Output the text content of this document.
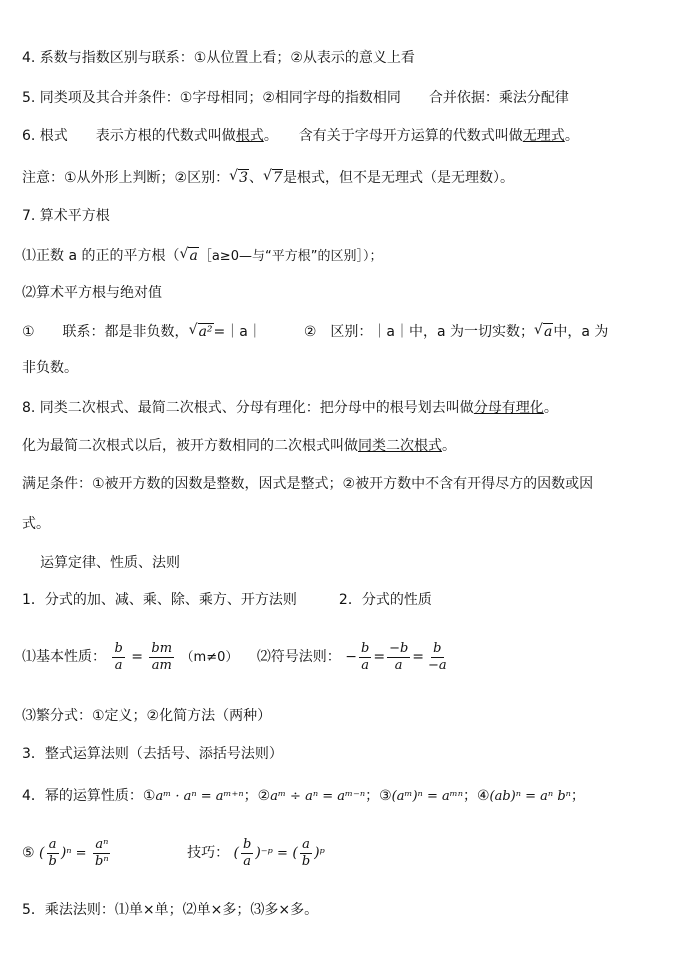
4. 系数与指数区别与联系：①从位置上看；②从表示的意义上看
5. 同类项及其合并条件：①字母相同；②相同字母的指数相同　　合并依据：乘法分配律
6. 根式　　表示方根的代数式叫做根式。　　含有关于字母开方运算的代数式叫做无理式。
注意：①从外形上判断；②区别： √ 3、 √ 7是根式，但不是无理式（是无理数）。
7. 算术平方根
⑴正数 a 的正的平方根（ √ a［a≥0—与“平方根”的区别］）；
⑵算术平方根与绝对值
①　　联系：都是非负数， √ a²=｜a｜　　　②　区别：｜a｜中，a 为一切实数； √ a中，a 为
非负数。
8. 同类二次根式、最简二次根式、分母有理化：把分母中的根号划去叫做分母有理化。
化为最简二次根式以后，被开方数相同的二次根式叫做同类二次根式。
满足条件：①被开方数的因数是整数，因式是整式；②被开方数中不含有开得尽方的因数或因
式。
运算定律、性质、法则
1．分式的加、减、乘、除、乘方、开方法则　　　2．分式的性质
⑴基本性质： $\frac{b}{a} = \frac{bm}{am} (m\ne 0)$ ⑵符号法则： − $\frac{b}{a} = \frac{-b}{a} = \frac{b}{-a}$
⑶繁分式：①定义；②化简方法（两种）
3．整式运算法则（去括号、添括号法则）
4．幂的运算性质：①aᵐ · aⁿ = aᵐ⁺ⁿ；②aᵐ ÷ aⁿ = aᵐ⁻ⁿ；③(aᵐ)ⁿ = aᵐⁿ；④(ab)ⁿ = aⁿ bⁿ；
⑤ ( $\frac{a}{b} )^n = \frac{\text{aⁿ}}{\text{bⁿ}}$	技巧： ( $\frac{b}{a}$ )⁻ᵖ = ( $\frac{a}{b}$ )ᵖ
5．乘法法则：⑴单×单；⑵单×多；⑶多×多。
